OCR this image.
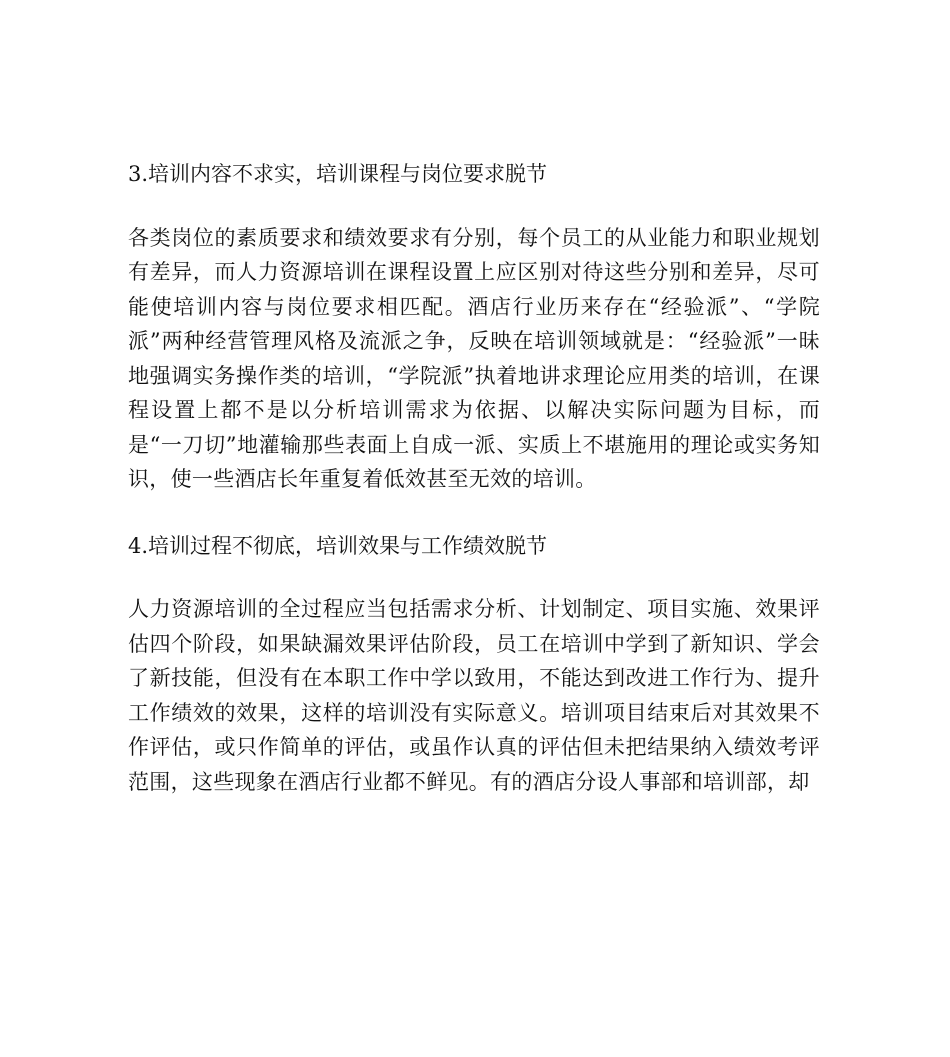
3.培训内容不求实，培训课程与岗位要求脱节

各类岗位的素质要求和绩效要求有分别，每个员工的从业能力和职业规划有差异，而人力资源培训在课程设置上应区别对待这些分别和差异，尽可能使培训内容与岗位要求相匹配。酒店行业历来存在“经验派”、“学院派”两种经营管理风格及流派之争，反映在培训领域就是：“经验派”一昧地强调实务操作类的培训，“学院派”执着地讲求理论应用类的培训，在课程设置上都不是以分析培训需求为依据、以解决实际问题为目标，而是“一刀切”地灌输那些表面上自成一派、实质上不堪施用的理论或实务知识，使一些酒店长年重复着低效甚至无效的培训。

4.培训过程不彻底，培训效果与工作绩效脱节

人力资源培训的全过程应当包括需求分析、计划制定、项目实施、效果评估四个阶段，如果缺漏效果评估阶段，员工在培训中学到了新知识、学会了新技能，但没有在本职工作中学以致用，不能达到改进工作行为、提升工作绩效的效果，这样的培训没有实际意义。培训项目结束后对其效果不作评估，或只作简单的评估，或虽作认真的评估但未把结果纳入绩效考评范围，这些现象在酒店行业都不鲜见。有的酒店分设人事部和培训部，却
